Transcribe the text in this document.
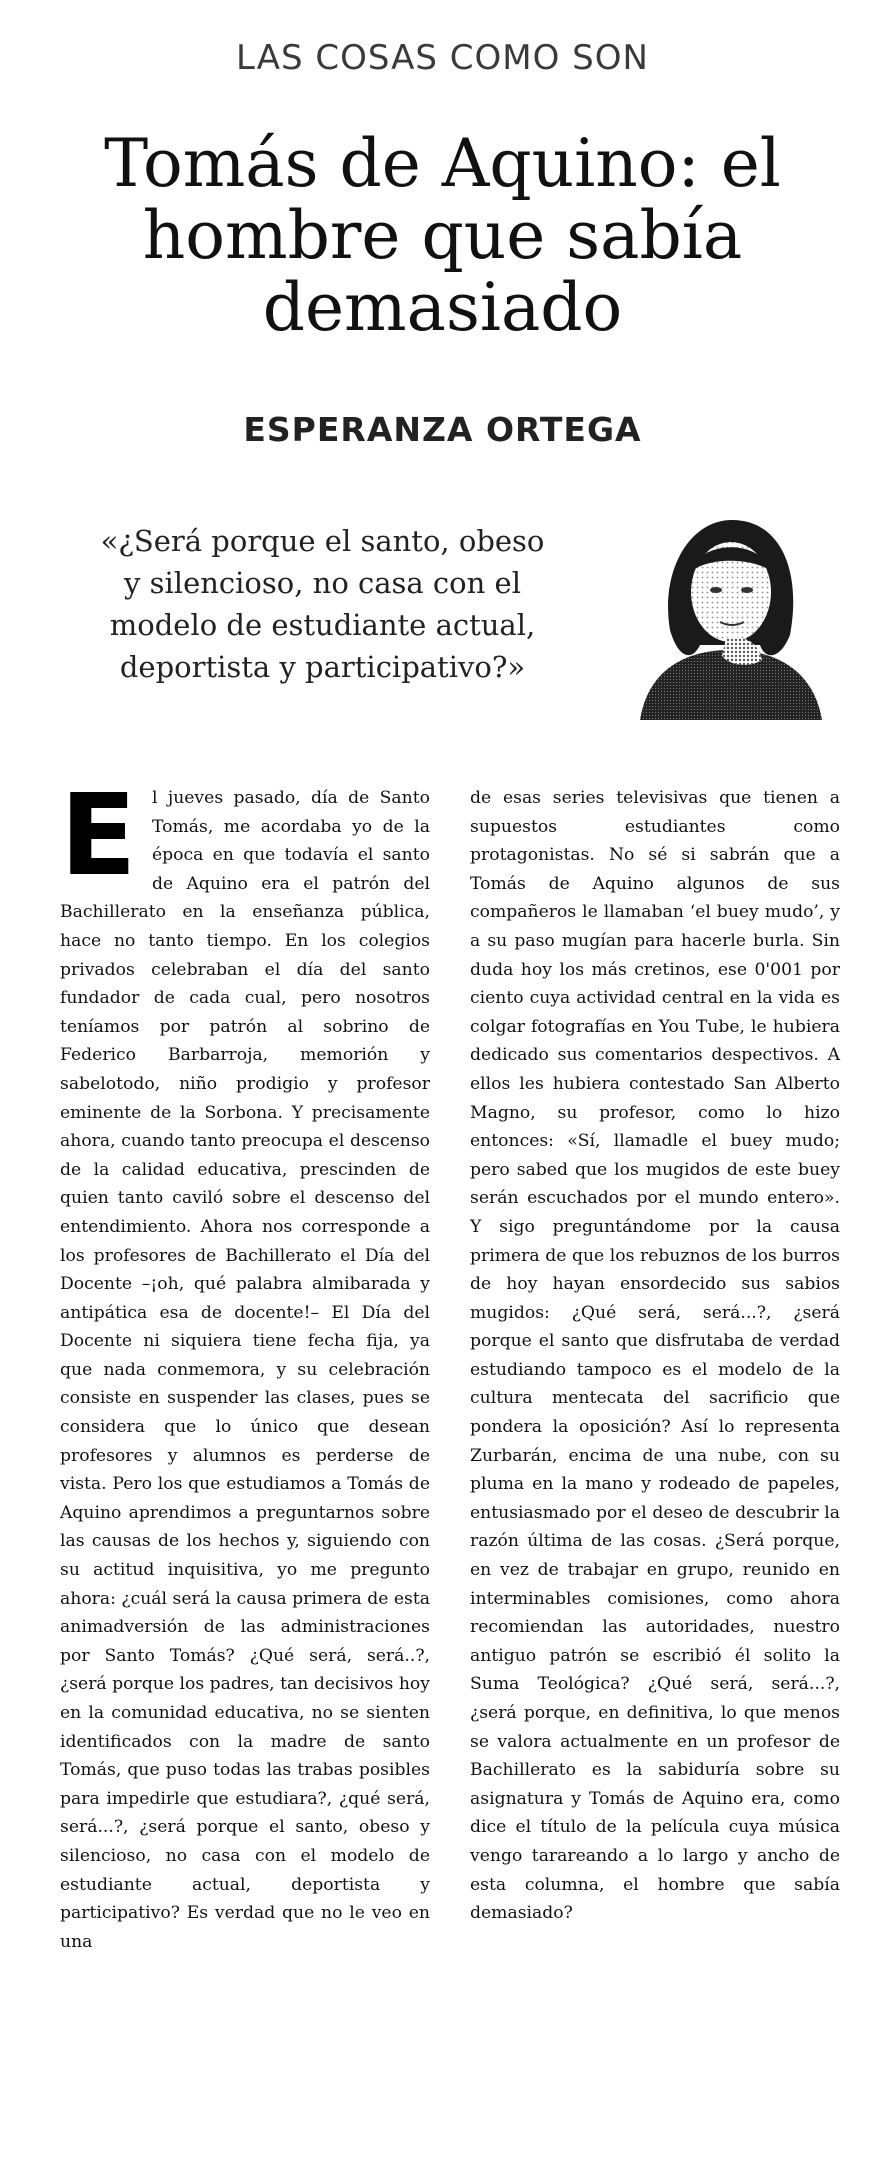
LAS COSAS COMO SON
Tomás de Aquino: el hombre que sabía demasiado
ESPERANZA ORTEGA
«¿Será porque el santo, obeso y silencioso, no casa con el modelo de estudiante actual, deportista y participativo?»
E l jueves pasado, día de Santo Tomás, me acordaba yo de la época en que todavía el santo de Aquino era el patrón del Bachillerato en la enseñanza pública, hace no tanto tiempo. En los colegios privados celebraban el día del santo fundador de cada cual, pero nosotros teníamos por patrón al sobrino de Federico Barbarroja, memorión y sabelotodo, niño prodigio y profesor eminente de la Sorbona. Y precisamente ahora, cuando tanto preocupa el descenso de la calidad educativa, prescinden de quien tanto caviló sobre el descenso del entendimiento. Ahora nos corresponde a los profesores de Bachillerato el Día del Docente –¡oh, qué palabra almibarada y antipática esa de docente!– El Día del Docente ni siquiera tiene fecha fija, ya que nada conmemora, y su celebración consiste en suspender las clases, pues se considera que lo único que desean profesores y alumnos es perderse de vista. Pero los que estudiamos a Tomás de Aquino aprendimos a preguntarnos sobre las causas de los hechos y, siguiendo con su actitud inquisitiva, yo me pregunto ahora: ¿cuál será la causa primera de esta animadversión de las administraciones por Santo Tomás? ¿Qué será, será..?, ¿será porque los padres, tan decisivos hoy en la comunidad educativa, no se sienten identificados con la madre de santo Tomás, que puso todas las trabas posibles para impedirle que estudiara?, ¿qué será, será...?, ¿será porque el santo, obeso y silencioso, no casa con el modelo de estudiante actual, deportista y participativo? Es verdad que no le veo en una

de esas series televisivas que tienen a supuestos estudiantes como protagonistas. No sé si sabrán que a Tomás de Aquino algunos de sus compañeros le llamaban ‘el buey mudo’, y a su paso mugían para hacerle burla. Sin duda hoy los más cretinos, ese 0'001 por ciento cuya actividad central en la vida es colgar fotografías en You Tube, le hubiera dedicado sus comentarios despectivos. A ellos les hubiera contestado San Alberto Magno, su profesor, como lo hizo entonces: «Sí, llamadle el buey mudo; pero sabed que los mugidos de este buey serán escuchados por el mundo entero». Y sigo preguntándome por la causa primera de que los rebuznos de los burros de hoy hayan ensordecido sus sabios mugidos: ¿Qué será, será...?, ¿será porque el santo que disfrutaba de verdad estudiando tampoco es el modelo de la cultura mentecata del sacrificio que pondera la oposición? Así lo representa Zurbarán, encima de una nube, con su pluma en la mano y rodeado de papeles, entusiasmado por el deseo de descubrir la razón última de las cosas. ¿Será porque, en vez de trabajar en grupo, reunido en interminables comisiones, como ahora recomiendan las autoridades, nuestro antiguo patrón se escribió él solito la Suma Teológica? ¿Qué será, será...?, ¿será porque, en definitiva, lo que menos se valora actualmente en un profesor de Bachillerato es la sabiduría sobre su asignatura y Tomás de Aquino era, como dice el título de la película cuya música vengo tarareando a lo largo y ancho de esta columna, el hombre que sabía demasiado?
